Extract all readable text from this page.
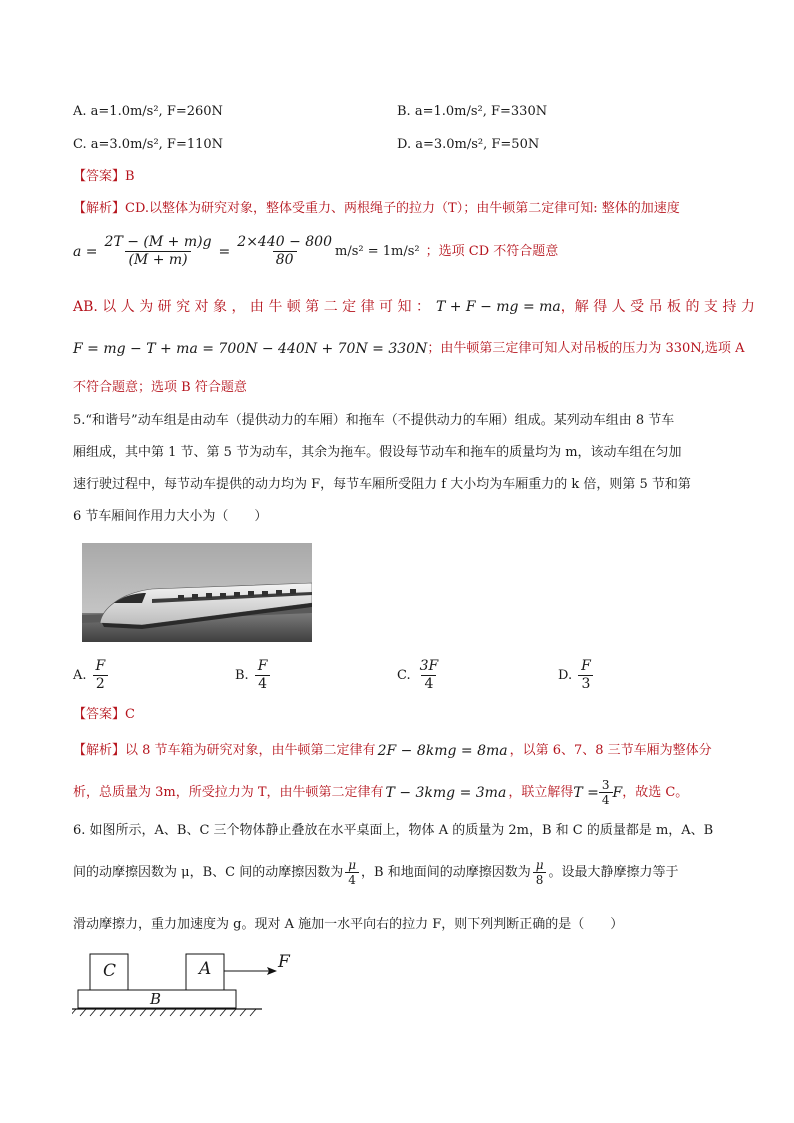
A. a=1.0m/s², F=260N	B. a=1.0m/s², F=330N
C. a=3.0m/s², F=110N	D. a=3.0m/s², F=50N
【答案】B
【解析】CD.以整体为研究对象，整体受重力、两根绳子的拉力（T）；由牛顿第二定律可知: 整体的加速度
$a = \frac{2T - (M + m)g}{(M + m)} = \frac{2\times 440 - 800}{80} m/s^2 = 1m/s^2$ ；选项 CD 不符合题意
AB. 以 人 为 研 究 对 象 ， 由 牛 顿 第 二 定 律 可 知 ： T + F − mg = ma ，解 得 人 受 吊 板 的 支 持 力
F = mg − T + ma = 700N − 440N + 70N = 330N ；由牛顿第三定律可知人对吊板的压力为 330N,选项 A
不符合题意；选项 B 符合题意
5.“和谐号”动车组是由动车（提供动力的车厢）和拖车（不提供动力的车厢）组成。某列动车组由 8 节车
厢组成，其中第 1 节、第 5 节为动车，其余为拖车。假设每节动车和拖车的质量均为 m，该动车组在匀加
速行驶过程中，每节动车提供的动力均为 F，每节车厢所受阻力 f 大小均为车厢重力的 k 倍，则第 5 节和第
6 节车厢间作用力大小为（　　）
A. $\frac{F}{2}$	B. $\frac{F}{4}$	C. $\frac{3F}{4}$	D. $\frac{F}{3}$
【答案】C
【解析】 以 8 节车箱为研究对象，由牛顿第二定律有 2F − 8kmg = 8ma ，以第 6、7、8 三节车厢为整体分
析，总质量为 3m，所受拉力为 T，由牛顿第二定律有 T − 3kmg = 3ma ，联立解得 $T = \frac{3}{4}$ F ，故选 C。
6. 如图所示，A、B、C 三个物体静止叠放在水平桌面上，物体 A 的质量为 2m，B 和 C 的质量都是 m，A、B
间的动摩擦因数为 μ，B、C 间的动摩擦因数为 $\frac{\mu}{4}$ ，B 和地面间的动摩擦因数为 $\frac{\mu}{8}$ 。设最大静摩擦力等于
滑动摩擦力，重力加速度为 g。现对 A 施加一水平向右的拉力 F，则下列判断正确的是（　　）
C	A
B
F
